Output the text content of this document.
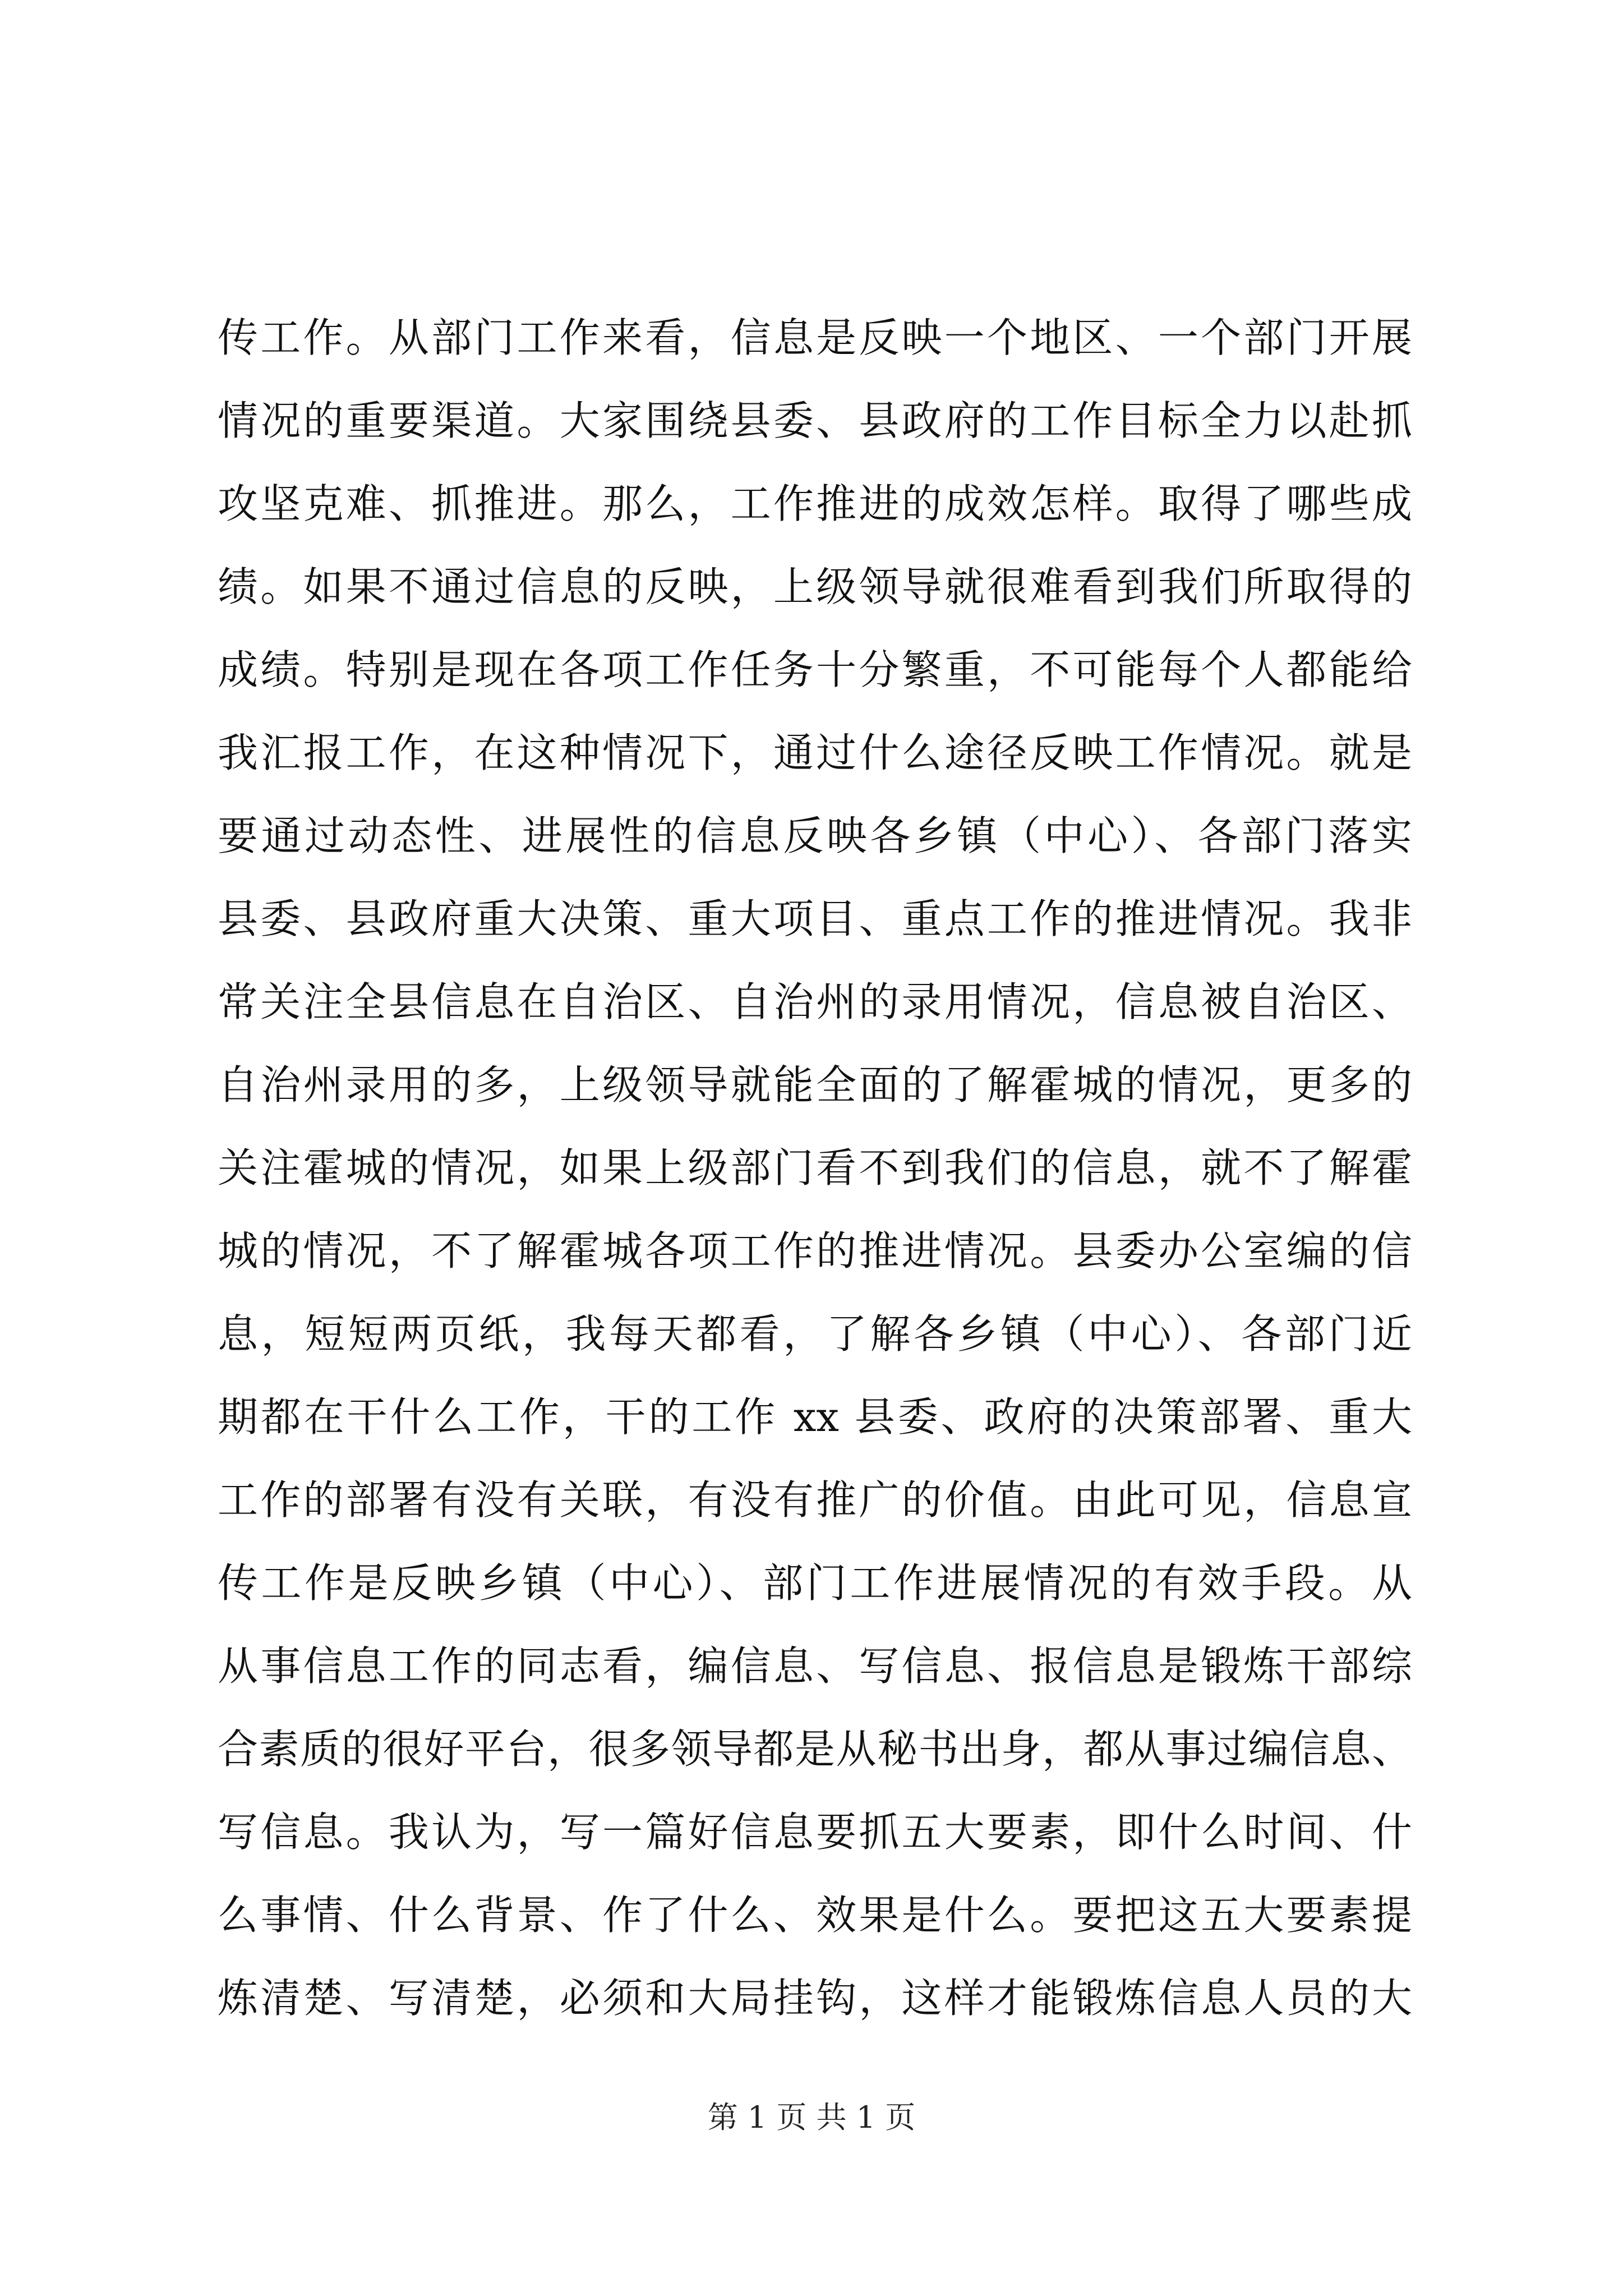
传工作。从部门工作来看，信息是反映一个地区、一个部门开展
情况的重要渠道。大家围绕县委、县政府的工作目标全力以赴抓
攻坚克难、抓推进。那么，工作推进的成效怎样。取得了哪些成
绩。如果不通过信息的反映，上级领导就很难看到我们所取得的
成绩。特别是现在各项工作任务十分繁重，不可能每个人都能给
我汇报工作，在这种情况下，通过什么途径反映工作情况。就是
要通过动态性、进展性的信息反映各乡镇（中心）、各部门落实
县委、县政府重大决策、重大项目、重点工作的推进情况。我非
常关注全县信息在自治区、自治州的录用情况，信息被自治区、
自治州录用的多，上级领导就能全面的了解霍城的情况，更多的
关注霍城的情况，如果上级部门看不到我们的信息，就不了解霍
城的情况，不了解霍城各项工作的推进情况。县委办公室编的信
息，短短两页纸，我每天都看，了解各乡镇（中心）、各部门近
期都在干什么工作，干的工作 xx 县委、政府的决策部署、重大
工作的部署有没有关联，有没有推广的价值。由此可见，信息宣
传工作是反映乡镇（中心）、部门工作进展情况的有效手段。从
从事信息工作的同志看，编信息、写信息、报信息是锻炼干部综
合素质的很好平台，很多领导都是从秘书出身，都从事过编信息、
写信息。我认为，写一篇好信息要抓五大要素，即什么时间、什
么事情、什么背景、作了什么、效果是什么。要把这五大要素提
炼清楚、写清楚，必须和大局挂钩，这样才能锻炼信息人员的大
第 1 页 共 1 页
